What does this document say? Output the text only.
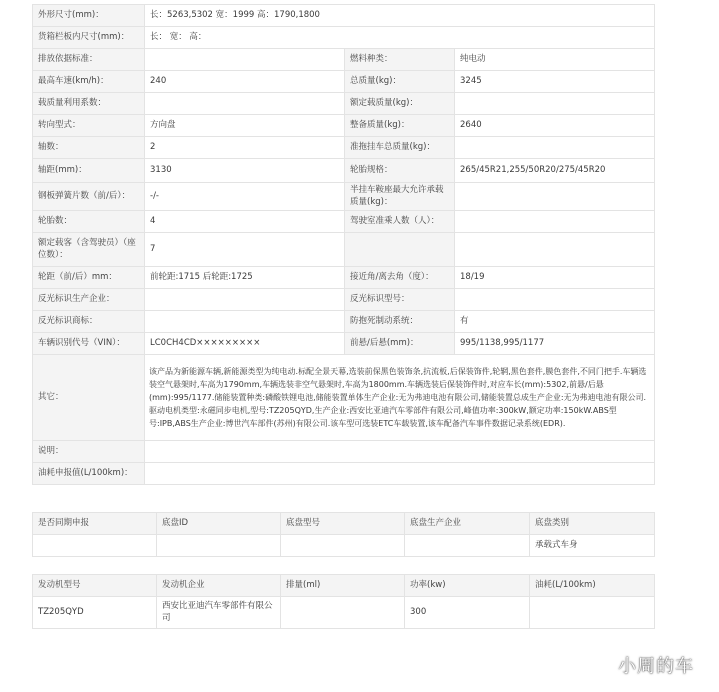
外形尺寸(mm)：	长：5263,5302 宽：1999 高：1790,1800		
货箱栏板内尺寸(mm)：	长： 宽： 高：		
排放依据标准：		燃料种类：	纯电动
最高车速(km/h)：	240	总质量(kg)：	3245
载质量利用系数：		额定载质量(kg)：	
转向型式：	方向盘	整备质量(kg)：	2640
轴数：	2	准拖挂车总质量(kg)：	
轴距(mm)：	3130	轮胎规格：	265/45R21,255/50R20/275/45R20
钢板弹簧片数（前/后）：	-/-	半挂车鞍座最大允许承载质量(kg)：	
轮胎数：	4	驾驶室准乘人数（人）：	
额定载客（含驾驶员）（座位数）：	7		
轮距（前/后）mm：	前轮距:1715 后轮距:1725	接近角/离去角（度）：	18/19
反光标识生产企业：		反光标识型号：	
反光标识商标：		防抱死制动系统：	有
车辆识别代号（VIN）：	LC0CH4CD×××××××××	前悬/后悬(mm)：	995/1138,995/1177
其它：	该产品为新能源车辆,新能源类型为纯电动.标配全景天幕,选装前保黑色装饰条,抗流板,后保装饰件,轮辋,黑色套件,膜色套件,不同门把手.车辆选装空气悬架时,车高为1790mm,车辆选装非空气悬架时,车高为1800mm.车辆选装后保装饰件时,对应车长(mm):5302,前悬/后悬(mm):995/1177.储能装置种类:磷酸铁锂电池,储能装置单体生产企业:无为弗迪电池有限公司,储能装置总成生产企业:无为弗迪电池有限公司.驱动电机类型:永磁同步电机,型号:TZ205QYD,生产企业:西安比亚迪汽车零部件有限公司,峰值功率:300kW,额定功率:150kW.ABS型号:IPB,ABS生产企业:博世汽车部件(苏州)有限公司.该车型可选装ETC车载装置,该车配备汽车事件数据记录系统(EDR).		
说明：			
油耗申报值(L/100km)：			
是否同期申报	底盘ID	底盘型号	底盘生产企业	底盘类别
				承载式车身
发动机型号	发动机企业	排量(ml)	功率(kw)	油耗(L/100km)
TZ205QYD	西安比亚迪汽车零部件有限公司		300	
小周的车
